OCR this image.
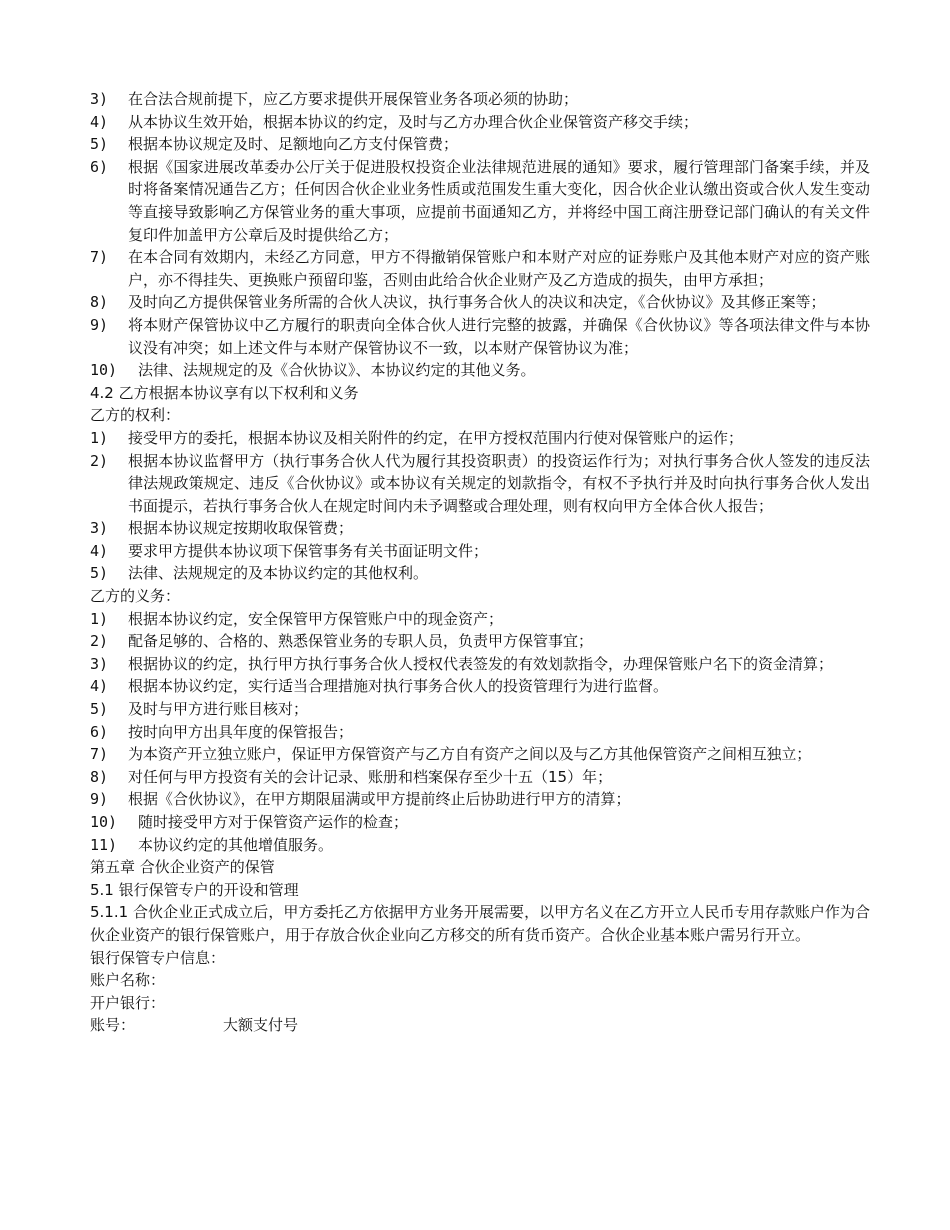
3) 在合法合规前提下，应乙方要求提供开展保管业务各项必须的协助；
4) 从本协议生效开始，根据本协议的约定，及时与乙方办理合伙企业保管资产移交手续；
5) 根据本协议规定及时、足额地向乙方支付保管费；
6) 根据《国家进展改革委办公厅关于促进股权投资企业法律规范进展的通知》要求，履行管理部门备案手续，并及时将备案情况通告乙方；任何因合伙企业业务性质或范围发生重大变化，因合伙企业认缴出资或合伙人发生变动等直接导致影响乙方保管业务的重大事项，应提前书面通知乙方，并将经中国工商注册登记部门确认的有关文件复印件加盖甲方公章后及时提供给乙方；
7) 在本合同有效期内，未经乙方同意，甲方不得撤销保管账户和本财产对应的证券账户及其他本财产对应的资产账户，亦不得挂失、更换账户预留印鉴，否则由此给合伙企业财产及乙方造成的损失，由甲方承担；
8) 及时向乙方提供保管业务所需的合伙人决议，执行事务合伙人的决议和决定，《合伙协议》及其修正案等；
9) 将本财产保管协议中乙方履行的职责向全体合伙人进行完整的披露，并确保《合伙协议》等各项法律文件与本协议没有冲突；如上述文件与本财产保管协议不一致，以本财产保管协议为准；
10) 法律、法规规定的及《合伙协议》、本协议约定的其他义务。
4.2 乙方根据本协议享有以下权利和义务
乙方的权利：
1) 接受甲方的委托，根据本协议及相关附件的约定，在甲方授权范围内行使对保管账户的运作；
2) 根据本协议监督甲方（执行事务合伙人代为履行其投资职责）的投资运作行为；对执行事务合伙人签发的违反法律法规政策规定、违反《合伙协议》或本协议有关规定的划款指令，有权不予执行并及时向执行事务合伙人发出书面提示，若执行事务合伙人在规定时间内未予调整或合理处理，则有权向甲方全体合伙人报告；
3) 根据本协议规定按期收取保管费；
4) 要求甲方提供本协议项下保管事务有关书面证明文件；
5) 法律、法规规定的及本协议约定的其他权利。
乙方的义务：
1) 根据本协议约定，安全保管甲方保管账户中的现金资产；
2) 配备足够的、合格的、熟悉保管业务的专职人员，负责甲方保管事宜；
3) 根据协议的约定，执行甲方执行事务合伙人授权代表签发的有效划款指令，办理保管账户名下的资金清算；
4) 根据本协议约定，实行适当合理措施对执行事务合伙人的投资管理行为进行监督。
5) 及时与甲方进行账目核对；
6) 按时向甲方出具年度的保管报告；
7) 为本资产开立独立账户，保证甲方保管资产与乙方自有资产之间以及与乙方其他保管资产之间相互独立；
8) 对任何与甲方投资有关的会计记录、账册和档案保存至少十五（15）年；
9) 根据《合伙协议》，在甲方期限届满或甲方提前终止后协助进行甲方的清算；
10) 随时接受甲方对于保管资产运作的检查；
11) 本协议约定的其他增值服务。
第五章 合伙企业资产的保管
5.1 银行保管专户的开设和管理
5.1.1 合伙企业正式成立后，甲方委托乙方依据甲方业务开展需要，以甲方名义在乙方开立人民币专用存款账户作为合伙企业资产的银行保管账户，用于存放合伙企业向乙方移交的所有货币资产。合伙企业基本账户需另行开立。
银行保管专户信息：
账户名称：
开户银行：
账号：	大额支付号
